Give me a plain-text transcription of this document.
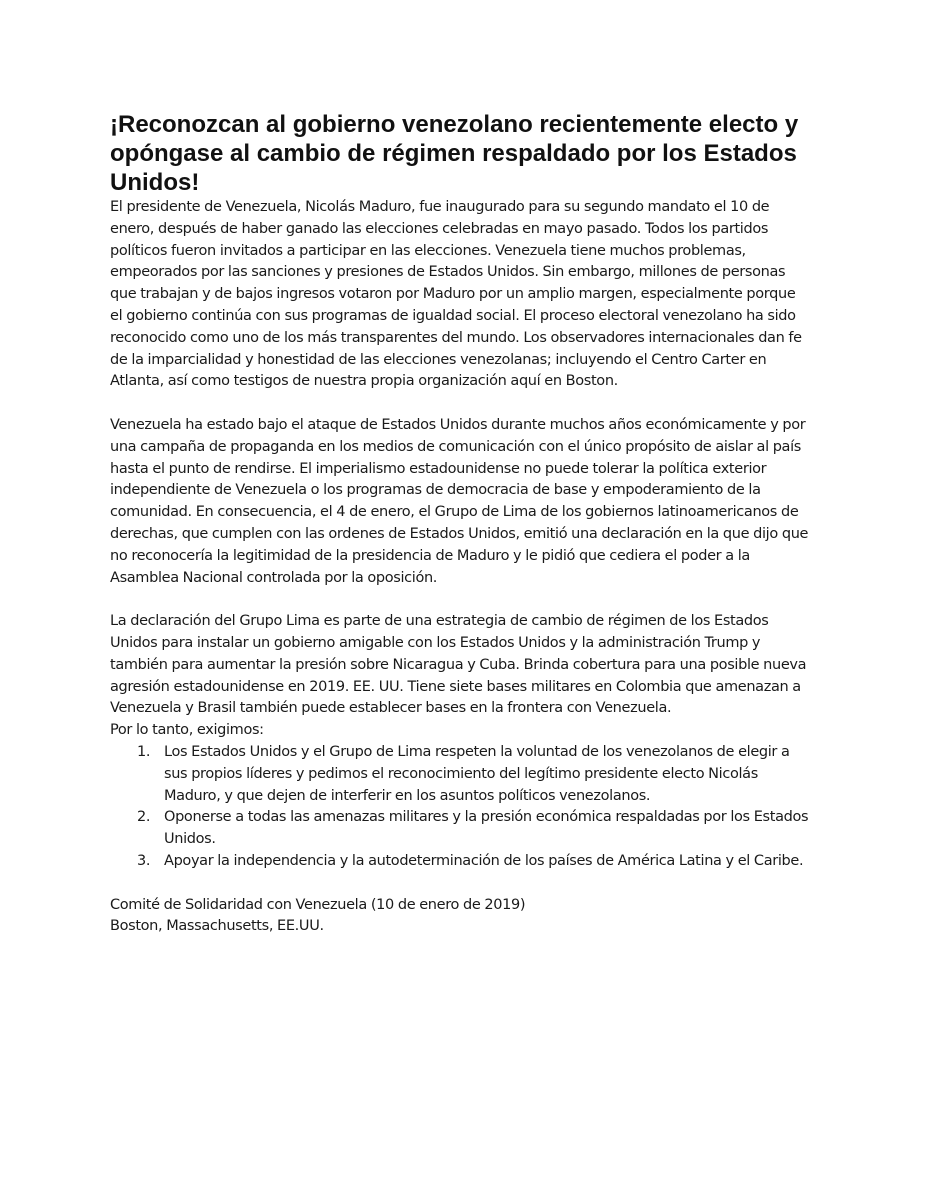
¡Reconozcan al gobierno venezolano recientemente electo y opóngase al cambio de régimen respaldado por los Estados Unidos!

El presidente de Venezuela, Nicolás Maduro, fue inaugurado para su segundo mandato el 10 de enero, después de haber ganado las elecciones celebradas en mayo pasado. Todos los partidos políticos fueron invitados a participar en las elecciones. Venezuela tiene muchos problemas, empeorados por las sanciones y presiones de Estados Unidos. Sin embargo, millones de personas que trabajan y de bajos ingresos votaron por Maduro por un amplio margen, especialmente porque el gobierno continúa con sus programas de igualdad social. El proceso electoral venezolano ha sido reconocido como uno de los más transparentes del mundo. Los observadores internacionales dan fe de la imparcialidad y honestidad de las elecciones venezolanas; incluyendo el Centro Carter en Atlanta, así como testigos de nuestra propia organización aquí en Boston.

Venezuela ha estado bajo el ataque de Estados Unidos durante muchos años económicamente y por una campaña de propaganda en los medios de comunicación con el único propósito de aislar al país hasta el punto de rendirse. El imperialismo estadounidense no puede tolerar la política exterior independiente de Venezuela o los programas de democracia de base y empoderamiento de la comunidad. En consecuencia, el 4 de enero, el Grupo de Lima de los gobiernos latinoamericanos de derechas, que cumplen con las ordenes de Estados Unidos, emitió una declaración en la que dijo que no reconocería la legitimidad de la presidencia de Maduro y le pidió que cediera el poder a la Asamblea Nacional controlada por la oposición.

La declaración del Grupo Lima es parte de una estrategia de cambio de régimen de los Estados Unidos para instalar un gobierno amigable con los Estados Unidos y la administración Trump y también para aumentar la presión sobre Nicaragua y Cuba. Brinda cobertura para una posible nueva agresión estadounidense en 2019. EE. UU. Tiene siete bases militares en Colombia que amenazan a Venezuela y Brasil también puede establecer bases en la frontera con Venezuela.

Por lo tanto, exigimos:

1. Los Estados Unidos y el Grupo de Lima respeten la voluntad de los venezolanos de elegir a sus propios líderes y pedimos el reconocimiento del legítimo presidente electo Nicolás Maduro, y que dejen de interferir en los asuntos políticos venezolanos.
2. Oponerse a todas las amenazas militares y la presión económica respaldadas por los Estados Unidos.
3. Apoyar la independencia y la autodeterminación de los países de América Latina y el Caribe.

Comité de Solidaridad con Venezuela (10 de enero de 2019)

Boston, Massachusetts, EE.UU.
